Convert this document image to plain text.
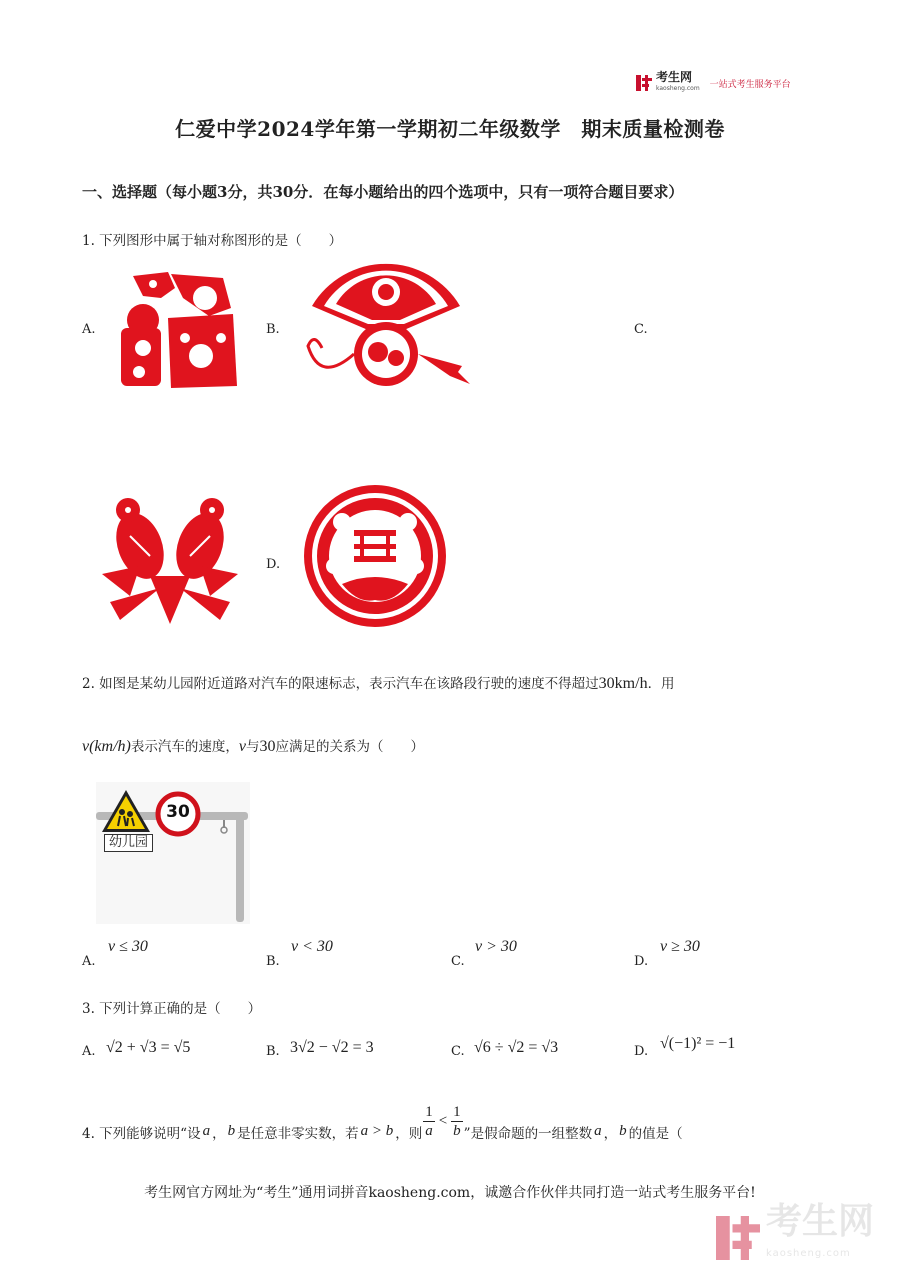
考生网
kaosheng.com 一站式考生服务平台
仁爱中学2024学年第一学期初二年级数学　期末质量检测卷
一、选择题（每小题3分，共30分．在每小题给出的四个选项中，只有一项符合题目要求）
1. 下列图形中属于轴对称图形的是（　　）
A.	B.	C.
D.
2. 如图是某幼儿园附近道路对汽车的限速标志，表示汽车在该路段行驶的速度不得超过30km/h．用
v(km/h)表示汽车的速度，v与30应满足的关系为（　　）
30
幼儿园
A.
v ≤ 30
B.
v < 30
C.
v > 30
D.
v ≥ 30
3. 下列计算正确的是（　　）
A. √2 + √3 = √5	B. 3√2 − √2 = 3	C. √6 ÷ √2 = √3	D. √(−1)² = −1
4. 下列能够说明“设 a ， b 是任意非零实数，若 a > b ，则 $\frac{1}{a} < \frac{1}{b}$ ”是假命题的一组整数 a ， b 的值是（
考生网官方网址为“考生”通用词拼音kaosheng.com，诚邀合作伙伴共同打造一站式考生服务平台!
考生网
kaosheng.com
